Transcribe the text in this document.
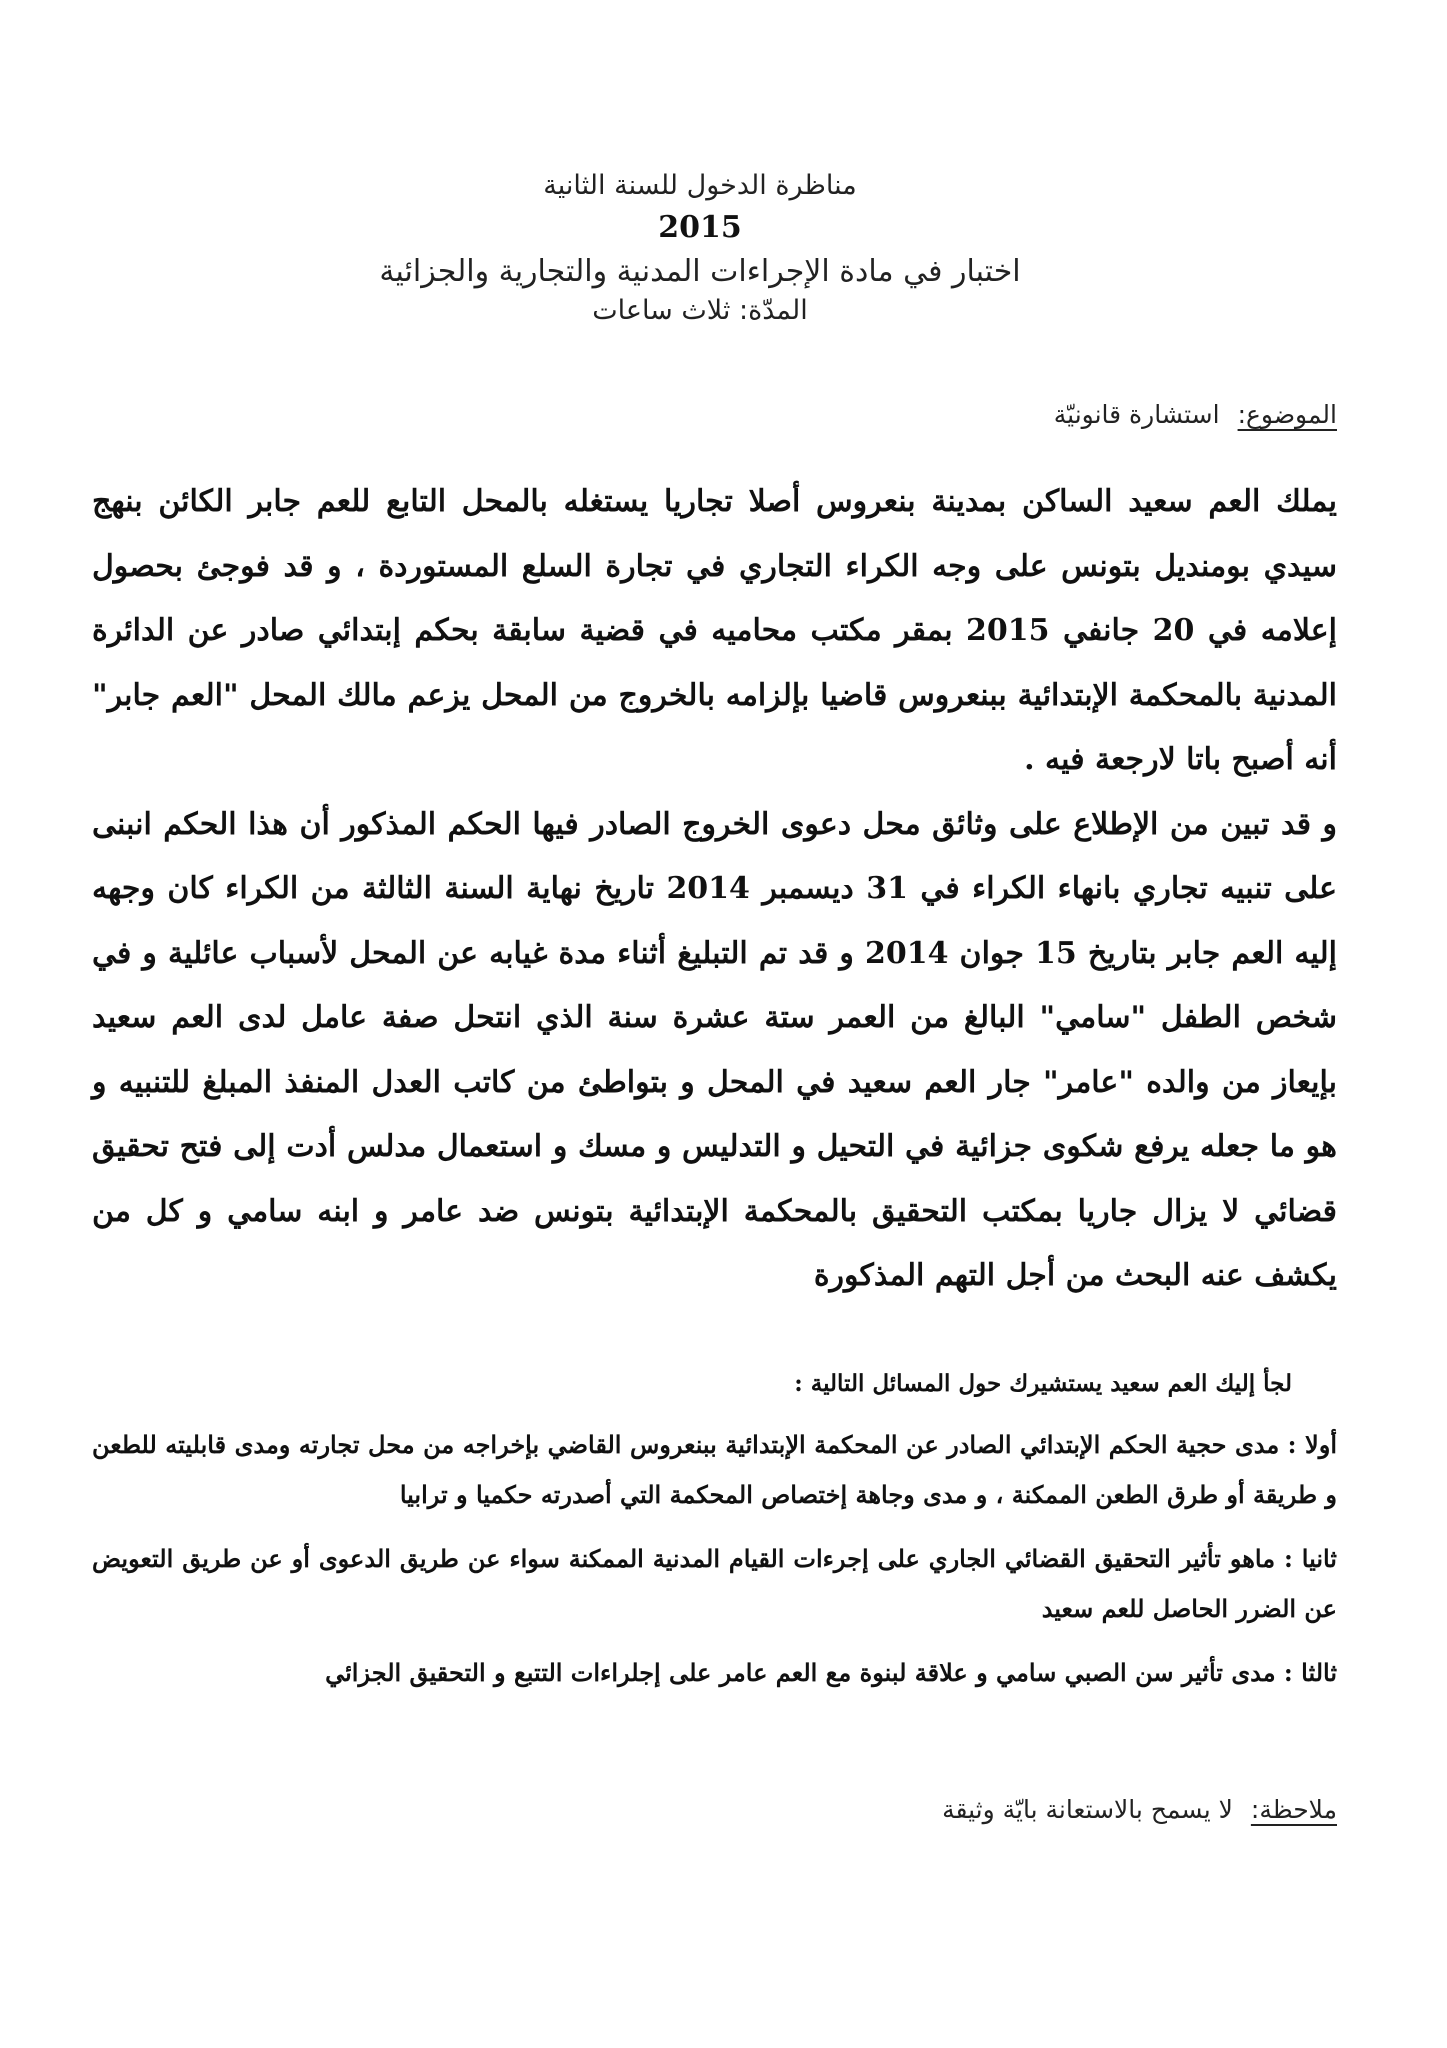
مناظرة الدخول للسنة الثانية
2015
اختبار في مادة الإجراءات المدنية والتجارية والجزائية
المدّة: ثلاث ساعات
الموضوع:استشارة قانونيّة

يملك العم سعيد الساكن بمدينة بنعروس أصلا تجاريا يستغله بالمحل التابع للعم جابر الكائن بنهج سيدي بومنديل بتونس على وجه الكراء التجاري في تجارة السلع المستوردة ، و قد فوجئ بحصول إعلامه في 20 جانفي 2015 بمقر مكتب محاميه في قضية سابقة بحكم إبتدائي صادر عن الدائرة المدنية بالمحكمة الإبتدائية ببنعروس قاضيا بإلزامه بالخروج من المحل يزعم مالك المحل "العم جابر" أنه أصبح باتا لارجعة فيه .

و قد تبين من الإطلاع على وثائق محل دعوى الخروج الصادر فيها الحكم المذكور أن هذا الحكم انبنى على تنبيه تجاري بانهاء الكراء في 31 ديسمبر 2014 تاريخ نهاية السنة الثالثة من الكراء كان وجهه إليه العم جابر بتاريخ 15 جوان 2014 و قد تم التبليغ أثناء مدة غيابه عن المحل لأسباب عائلية و في شخص الطفل "سامي" البالغ من العمر ستة عشرة سنة الذي انتحل صفة عامل لدى العم سعيد بإيعاز من والده "عامر" جار العم سعيد في المحل و بتواطئ من كاتب العدل المنفذ المبلغ للتنبيه و هو ما جعله يرفع شكوى جزائية في التحيل و التدليس و مسك و استعمال مدلس أدت إلى فتح تحقيق قضائي لا يزال جاريا بمكتب التحقيق بالمحكمة الإبتدائية بتونس ضد عامر و ابنه سامي و كل من يكشف عنه البحث من أجل التهم المذكورة

لجأ إليك العم سعيد يستشيرك حول المسائل التالية :

أولا : مدى حجية الحكم الإبتدائي الصادر عن المحكمة الإبتدائية ببنعروس القاضي بإخراجه من محل تجارته ومدى قابليته للطعن و طريقة أو طرق الطعن الممكنة ، و مدى وجاهة إختصاص المحكمة التي أصدرته حكميا و ترابيا

ثانيا : ماهو تأثير التحقيق القضائي الجاري على إجرءات القيام المدنية الممكنة سواء عن طريق الدعوى أو عن طريق التعويض عن الضرر الحاصل للعم سعيد

ثالثا : مدى تأثير سن الصبي سامي و علاقة لبنوة مع العم عامر على إجلراءات التتبع و التحقيق الجزائي

ملاحظة:لا يسمح بالاستعانة بايّة وثيقة
